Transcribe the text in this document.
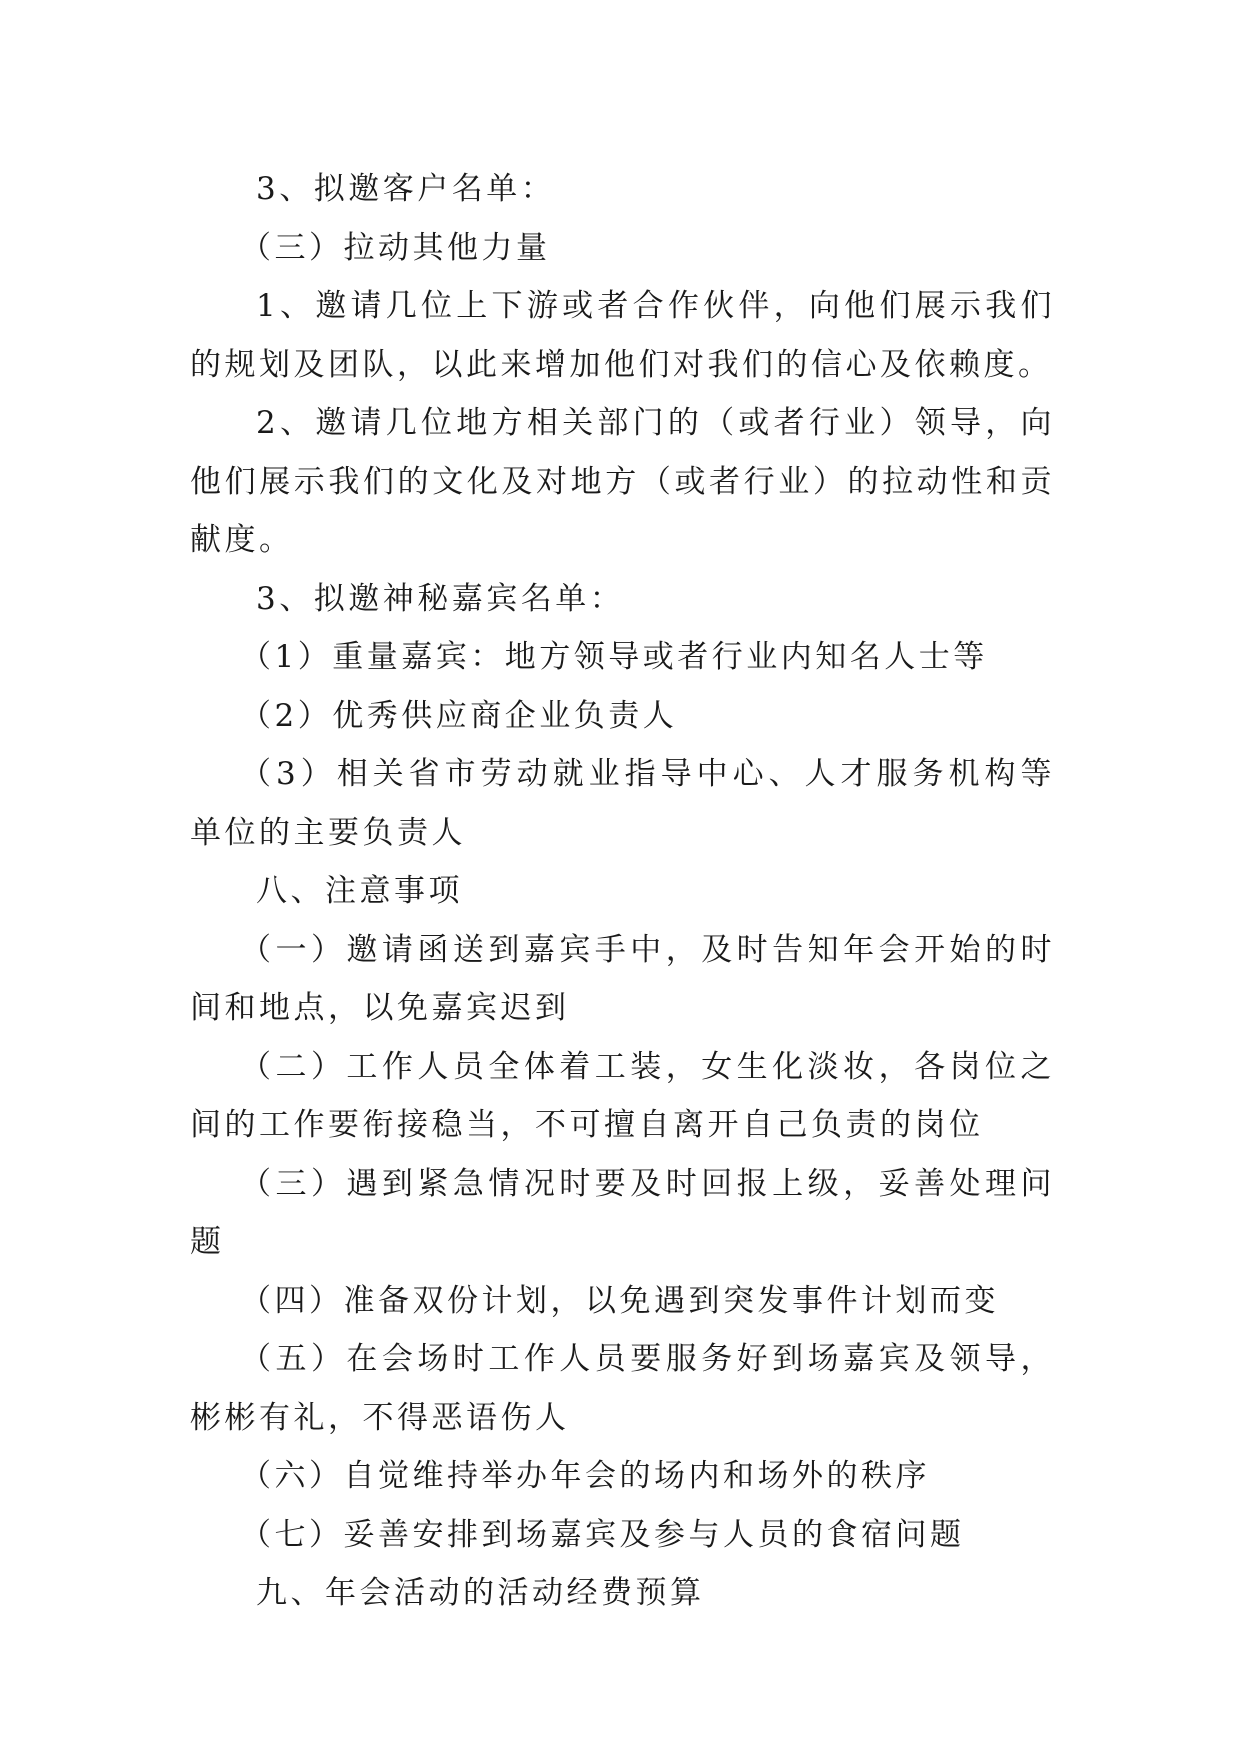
3、拟邀客户名单：

（三）拉动其他力量

1、邀请几位上下游或者合作伙伴，向他们展示我们的规划及团队，以此来增加他们对我们的信心及依赖度。

2、邀请几位地方相关部门的（或者行业）领导，向他们展示我们的文化及对地方（或者行业）的拉动性和贡献度。

3、拟邀神秘嘉宾名单：

（1）重量嘉宾：地方领导或者行业内知名人士等

（2）优秀供应商企业负责人

（3）相关省市劳动就业指导中心、人才服务机构等单位的主要负责人

八、注意事项

（一）邀请函送到嘉宾手中，及时告知年会开始的时间和地点，以免嘉宾迟到

（二）工作人员全体着工装，女生化淡妆，各岗位之间的工作要衔接稳当，不可擅自离开自己负责的岗位

（三）遇到紧急情况时要及时回报上级，妥善处理问题

（四）准备双份计划，以免遇到突发事件计划而变

（五）在会场时工作人员要服务好到场嘉宾及领导，彬彬有礼，不得恶语伤人

（六）自觉维持举办年会的场内和场外的秩序

（七）妥善安排到场嘉宾及参与人员的食宿问题

九、年会活动的活动经费预算
